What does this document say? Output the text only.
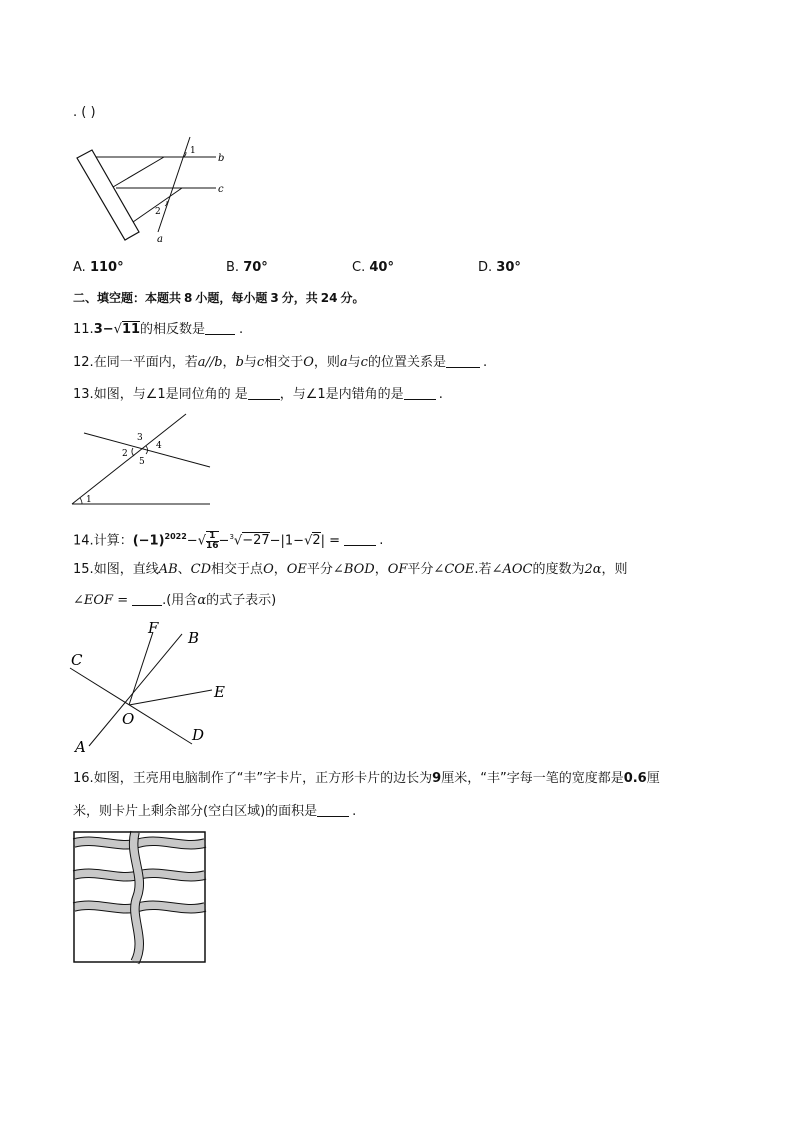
. ( )
b
c
a
1
2
A. 110°	B. 70°	C. 40°	D. 30°
二、填空题：本题共 8 小题，每小题 3 分，共 24 分。
11.3−√11的相反数是	.
12.在同一平面内，若a//b，b与c相交于O，则a与c的位置关系是	.
13.如图，与∠1是同位角的 是 ，与∠1是内错角的是	.
1
2
3
4
5
14.计算：$(-1)^{2022}-√ \frac{1}{16} -^3√-27-|1-√2|$ =	.
15.如图，直线AB、CD相交于点O，OE平分∠BOD，OF平分∠COE.若∠AOC的度数为2α，则
∠EOF =	.(用含α的式子表示)
F
B
C
E
O
A
D
16.如图，王亮用电脑制作了“丰”字卡片，正方形卡片的边长为9厘米，“丰”字每一笔的宽度都是0.6厘
米，则卡片上剩余部分(空白区域)的面积是	.
